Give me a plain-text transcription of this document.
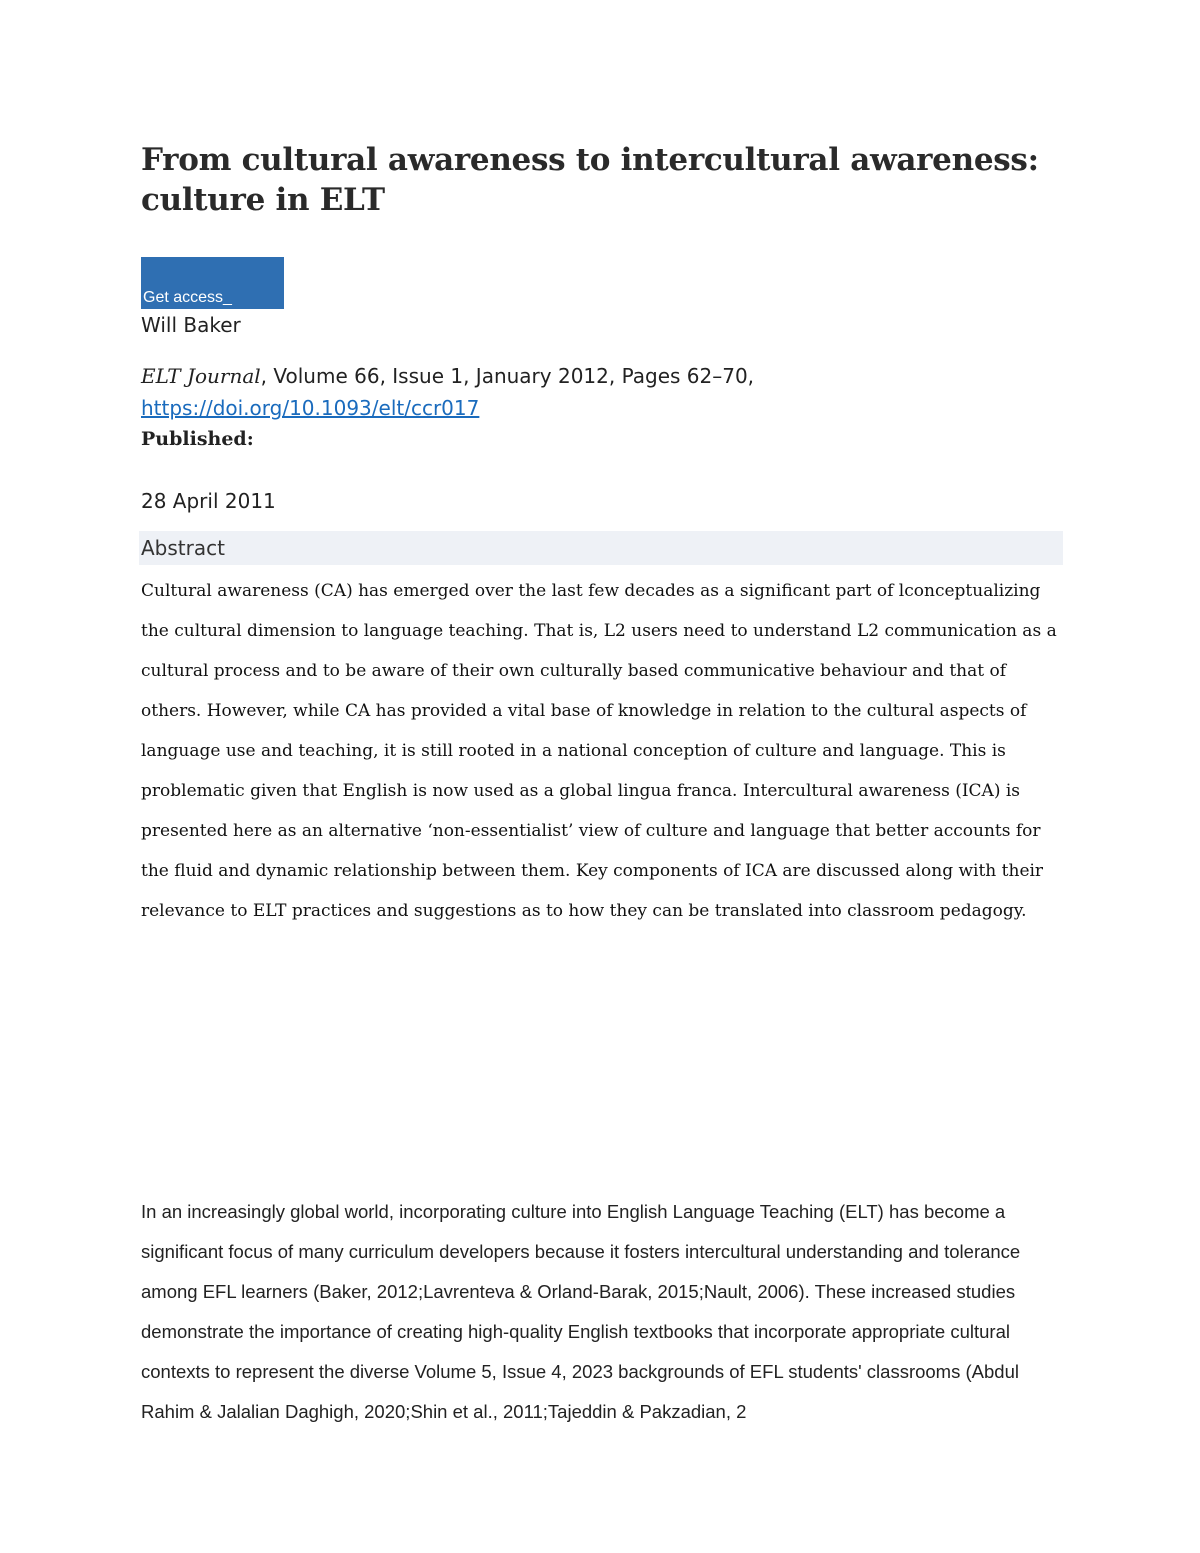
From cultural awareness to intercultural awareness: culture in ELT
Get access _
Will Baker
ELT Journal, Volume 66, Issue 1, January 2012, Pages 62–70, https://doi.org/10.1093/elt/ccr017
Published:
28 April 2011
Abstract

Cultural awareness (CA) has emerged over the last few decades as a significant part of lconceptualizing the cultural dimension to language teaching. That is, L2 users need to understand L2 communication as a cultural process and to be aware of their own culturally based communicative behaviour and that of others. However, while CA has provided a vital base of knowledge in relation to the cultural aspects of language use and teaching, it is still rooted in a national conception of culture and language. This is problematic given that English is now used as a global lingua franca. Intercultural awareness (ICA) is presented here as an alternative ‘non-essentialist’ view of culture and language that better accounts for the fluid and dynamic relationship between them. Key components of ICA are discussed along with their relevance to ELT practices and suggestions as to how they can be translated into classroom pedagogy.

In an increasingly global world, incorporating culture into English Language Teaching (ELT) has become a significant focus of many curriculum developers because it fosters intercultural understanding and tolerance among EFL learners (Baker, 2012;Lavrenteva & Orland-Barak, 2015;Nault, 2006). These increased studies demonstrate the importance of creating high-quality English textbooks that incorporate appropriate cultural contexts to represent the diverse Volume 5, Issue 4, 2023 backgrounds of EFL students' classrooms (Abdul Rahim & Jalalian Daghigh, 2020;Shin et al., 2011;Tajeddin & Pakzadian, 2
